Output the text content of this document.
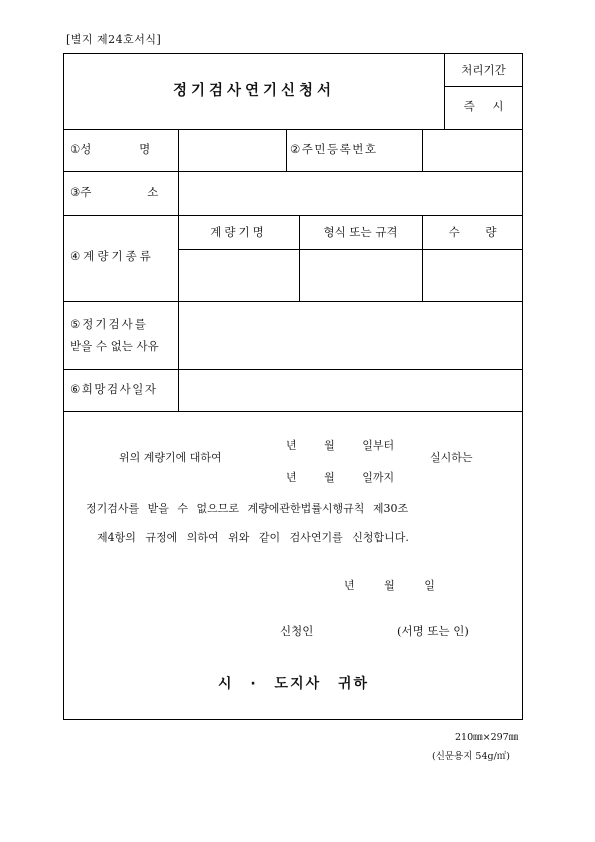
[별지 제24호서식]
정기검사연기신청서
처리기간
즉 시
①성 명	②주민등록번호
③주 소
④계량기종류
계량기명	형식 또는 규격	수 량
⑤정기검사를
받을 수 없는 사유
⑥희망검사일자
위의 계량기에 대하여
년 월 일부터
년 월 일까지
실시하는
정기검사를 받을 수 없으므로 계량에관한법률시행규칙 제30조
제4항의 규정에 의하여 위와 같이 검사연기를 신청합니다.
년 월 일
신청인	(서명 또는 인)
시 · 도지사 귀하
210㎜×297㎜
(신문용지 54g/㎡)
